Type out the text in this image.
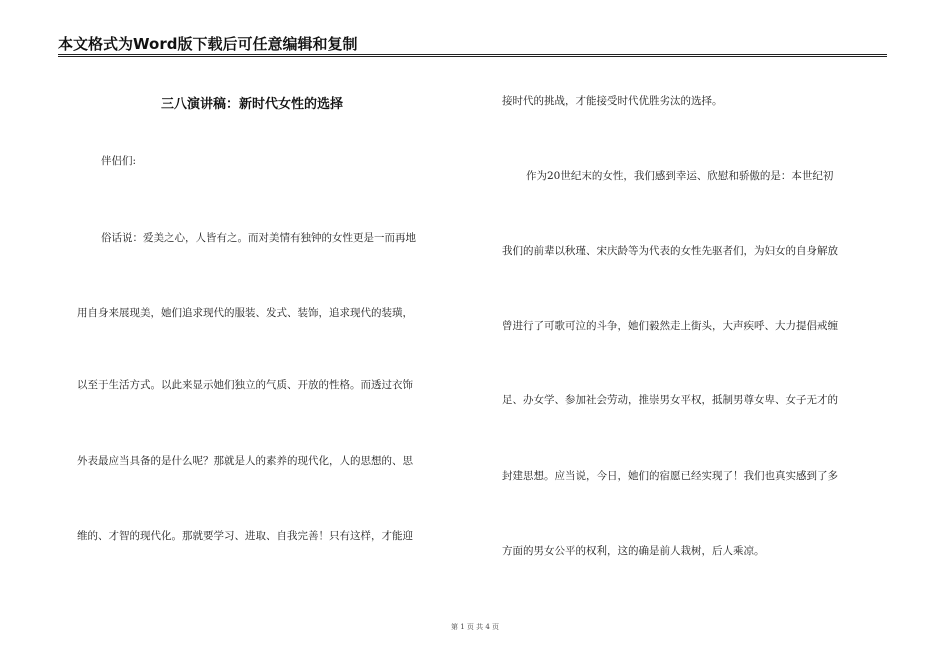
本文格式为Word版下载后可任意编辑和复制
三八演讲稿：新时代女性的选择
伴侣们:
俗话说：爱美之心，人皆有之。而对美情有独钟的女性更是一而再地
用自身来展现美，她们追求现代的服装、发式、装饰，追求现代的装璜，
以至于生活方式。以此来显示她们独立的气质、开放的性格。而透过衣饰
外表最应当具备的是什么呢？那就是人的素养的现代化，人的思想的、思
维的、才智的现代化。那就要学习、进取、自我完善！只有这样，才能迎
接时代的挑战，才能接受时代优胜劣汰的选择。
作为20世纪末的女性，我们感到幸运、欣慰和骄傲的是：本世纪初
我们的前辈以秋瑾、宋庆龄等为代表的女性先驱者们，为妇女的自身解放
曾进行了可歌可泣的斗争，她们毅然走上街头，大声疾呼、大力提倡戒缠
足、办女学、参加社会劳动，推崇男女平权，抵制男尊女卑、女子无才的
封建思想。应当说，今日，她们的宿愿已经实现了！我们也真实感到了多
方面的男女公平的权利，这的确是前人栽树，后人乘凉。
第 1 页 共 4 页
